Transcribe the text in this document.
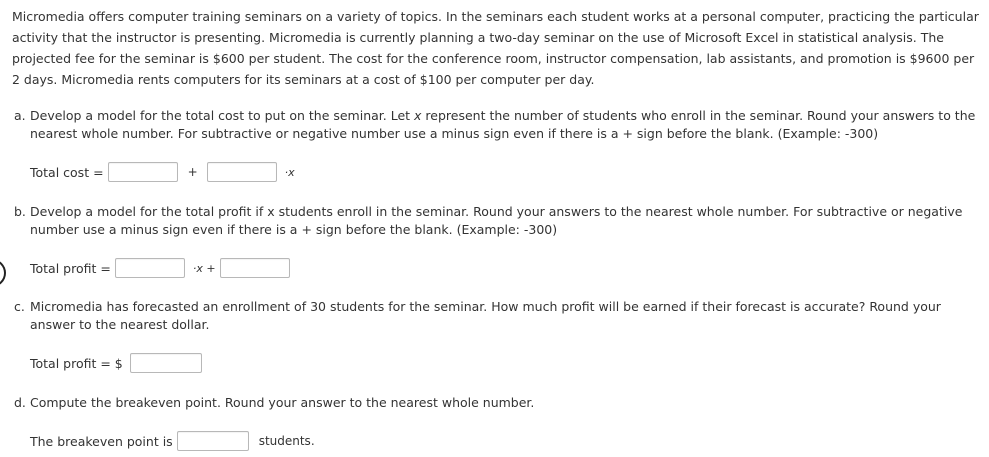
Micromedia offers computer training seminars on a variety of topics. In the seminars each student works at a personal computer, practicing the particular activity that the instructor is presenting. Micromedia is currently planning a two-day seminar on the use of Microsoft Excel in statistical analysis. The projected fee for the seminar is $600 per student. The cost for the conference room, instructor compensation, lab assistants, and promotion is $9600 per 2 days. Micromedia rents computers for its seminars at a cost of $100 per computer per day.

a. Develop a model for the total cost to put on the seminar. Let x represent the number of students who enroll in the seminar. Round your answers to the nearest whole number. For subtractive or negative number use a minus sign even if there is a + sign before the blank. (Example: -300)
Total cost =	+	·x
b. Develop a model for the total profit if x students enroll in the seminar. Round your answers to the nearest whole number. For subtractive or negative number use a minus sign even if there is a + sign before the blank. (Example: -300)
Total profit =	·x +
c. Micromedia has forecasted an enrollment of 30 students for the seminar. How much profit will be earned if their forecast is accurate? Round your answer to the nearest dollar.
Total profit = $
d. Compute the breakeven point. Round your answer to the nearest whole number.
The breakeven point is	students.
